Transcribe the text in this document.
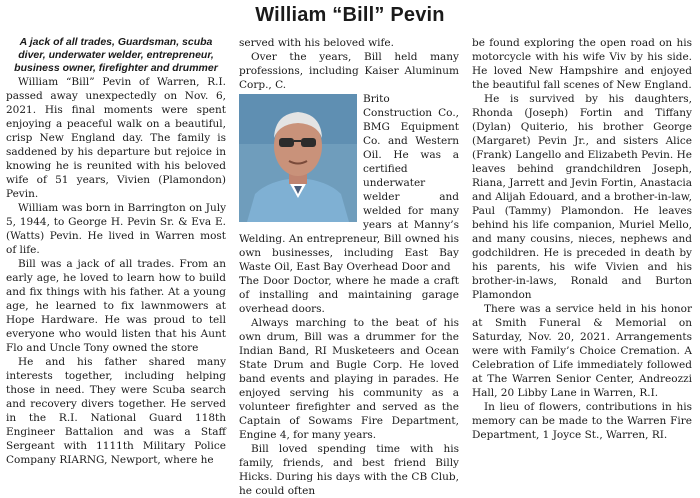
William “Bill” Pevin

A jack of all trades, Guardsman, scuba diver, underwater welder, entrepreneur, business owner, firefighter and drummer

William “Bill” Pevin of Warren, R.I. passed away unexpectedly on Nov. 6, 2021. His final moments were spent enjoying a peaceful walk on a beautiful, crisp New England day. The family is saddened by his departure but rejoice in knowing he is reunited with his beloved wife of 51 years, Vivien (Plamondon) Pevin.

William was born in Barrington on July 5, 1944, to George H. Pevin Sr. & Eva E. (Watts) Pevin. He lived in Warren most of life.

Bill was a jack of all trades. From an early age, he loved to learn how to build and fix things with his father. At a young age, he learned to fix lawnmowers at Hope Hardware. He was proud to tell everyone who would listen that his Aunt Flo and Uncle Tony owned the store

He and his father shared many interests together, including helping those in need. They were Scuba search and recovery divers together. He served in the R.I. National Guard 118th Engineer Battalion and was a Staff Sergeant with 1111th Military Police Company RIARNG, Newport, where he

served with his beloved wife.

Over the years, Bill held many professions, including Kaiser Aluminum Corp., C.

Brito Construction Co., BMG Equipment Co. and Western Oil. He was a certified underwater welder and welded for many years at Manny’s Welding. An entrepreneur, Bill owned his own businesses, including East Bay Waste Oil, East Bay Overhead Door and

The Door Doctor, where he made a craft of installing and maintaining garage overhead doors.

Always marching to the beat of his own drum, Bill was a drummer for the Indian Band, RI Musketeers and Ocean State Drum and Bugle Corp. He loved band events and playing in parades. He enjoyed serving his community as a volunteer firefighter and served as the Captain of Sowams Fire Department, Engine 4, for many years.

Bill loved spending time with his family, friends, and best friend Billy Hicks. During his days with the CB Club, he could often

be found exploring the open road on his motorcycle with his wife Viv by his side. He loved New Hampshire and enjoyed the beautiful fall scenes of New England.

He is survived by his daughters, Rhonda (Joseph) Fortin and Tiffany (Dylan) Quiterio, his brother George (Margaret) Pevin Jr., and sisters Alice (Frank) Langello and Elizabeth Pevin. He leaves behind grandchildren Joseph, Riana, Jarrett and Jevin Fortin, Anastacia and Alijah Edouard, and a brother-in-law, Paul (Tammy) Plamondon. He leaves behind his life companion, Muriel Mello, and many cousins, nieces, nephews and godchildren. He is preceded in death by his parents, his wife Vivien and his brother-in-laws, Ronald and Burton Plamondon

There was a service held in his honor at Smith Funeral & Memorial on Saturday, Nov. 20, 2021. Arrangements were with Family’s Choice Cremation. A Celebration of Life immediately followed at The Warren Senior Center, Andreozzi Hall, 20 Libby Lane in Warren, R.I.

In lieu of flowers, contributions in his memory can be made to the Warren Fire Department, 1 Joyce St., Warren, RI.
